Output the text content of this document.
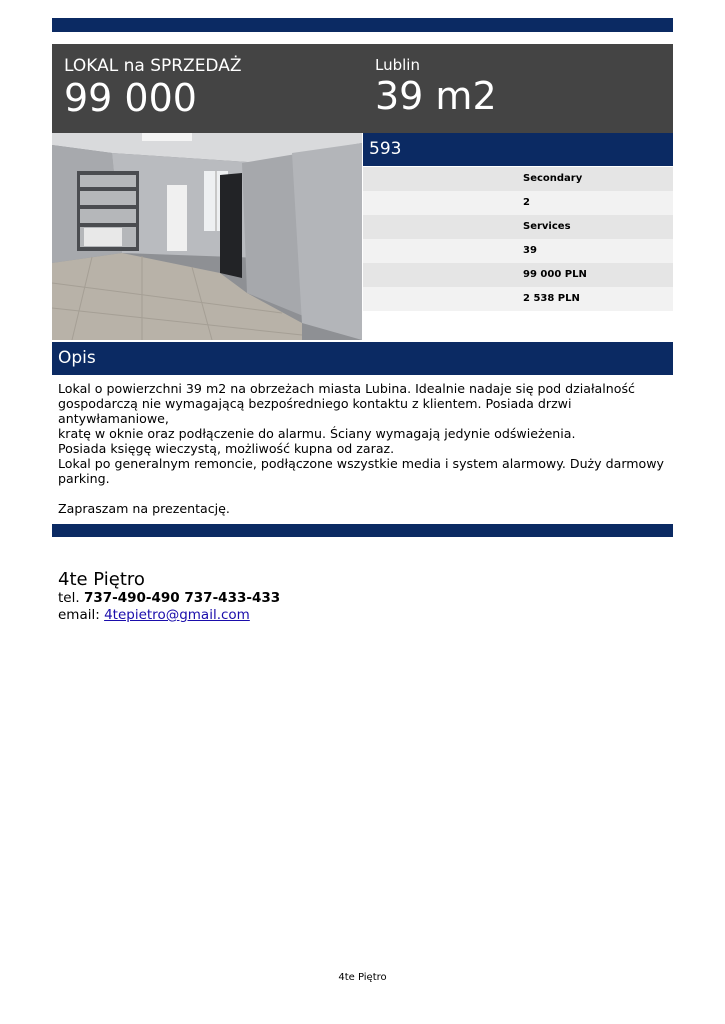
LOKAL na SPRZEDAŻ
99 000
Lublin
39 m2
593
Secondary
2
Services
39
99 000 PLN
2 538 PLN
Opis

Lokal o powierzchni 39 m2 na obrzeżach miasta Lubina. Idealnie nadaje się pod działalność

gospodarczą nie wymagającą bezpośredniego kontaktu z klientem. Posiada drzwi antywłamaniowe,

kratę w oknie oraz podłączenie do alarmu. Ściany wymagają jedynie odświeżenia.

Posiada księgę wieczystą, możliwość kupna od zaraz.

Lokal po generalnym remoncie, podłączone wszystkie media i system alarmowy. Duży darmowy

parking.

Zapraszam na prezentację.

4te Piętro
tel. 737-490-490 737-433-433
email: 4tepietro@gmail.com
4te Piętro
